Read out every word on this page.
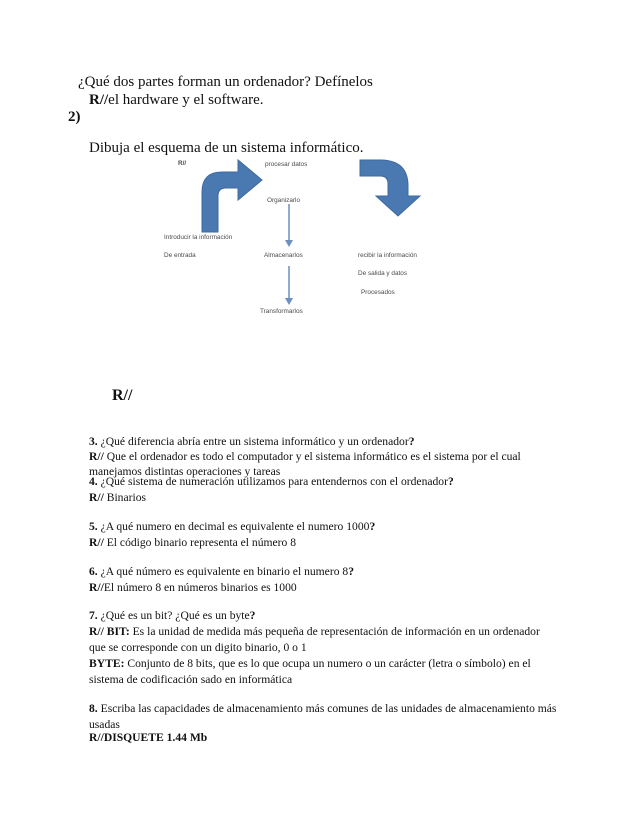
¿Qué dos partes forman un ordenador? Defínelos
R//el hardware y el software.
2)
Dibuja el esquema de un sistema informático.
R//	procesar datos
Organizarlo
Introducir la información
De entrada	Almacenarlos	recibir la información
De salida y datos
Procesados
Transformarlos
R//
3. ¿Qué diferencia abría entre un sistema informático y un ordenador?
R// Que el ordenador es todo el computador y el sistema informático es el sistema por el cual manejamos distintas operaciones y tareas
4. ¿Qué sistema de numeración utilizamos para entendernos con el ordenador?
R// Binarios
5. ¿A qué numero en decimal es equivalente el numero 1000?
R// El código binario representa el número 8
6. ¿A qué número es equivalente en binario el numero 8?
R//El número 8 en números binarios es 1000
7. ¿Qué es un bit? ¿Qué es un byte?
R// BIT: Es la unidad de medida más pequeña de representación de información en un ordenador que se corresponde con un digito binario, 0 o 1
BYTE: Conjunto de 8 bits, que es lo que ocupa un numero o un carácter (letra o símbolo) en el sistema de codificación sado en informática
8. Escriba las capacidades de almacenamiento más comunes de las unidades de almacenamiento más usadas
R//DISQUETE 1.44 Mb
